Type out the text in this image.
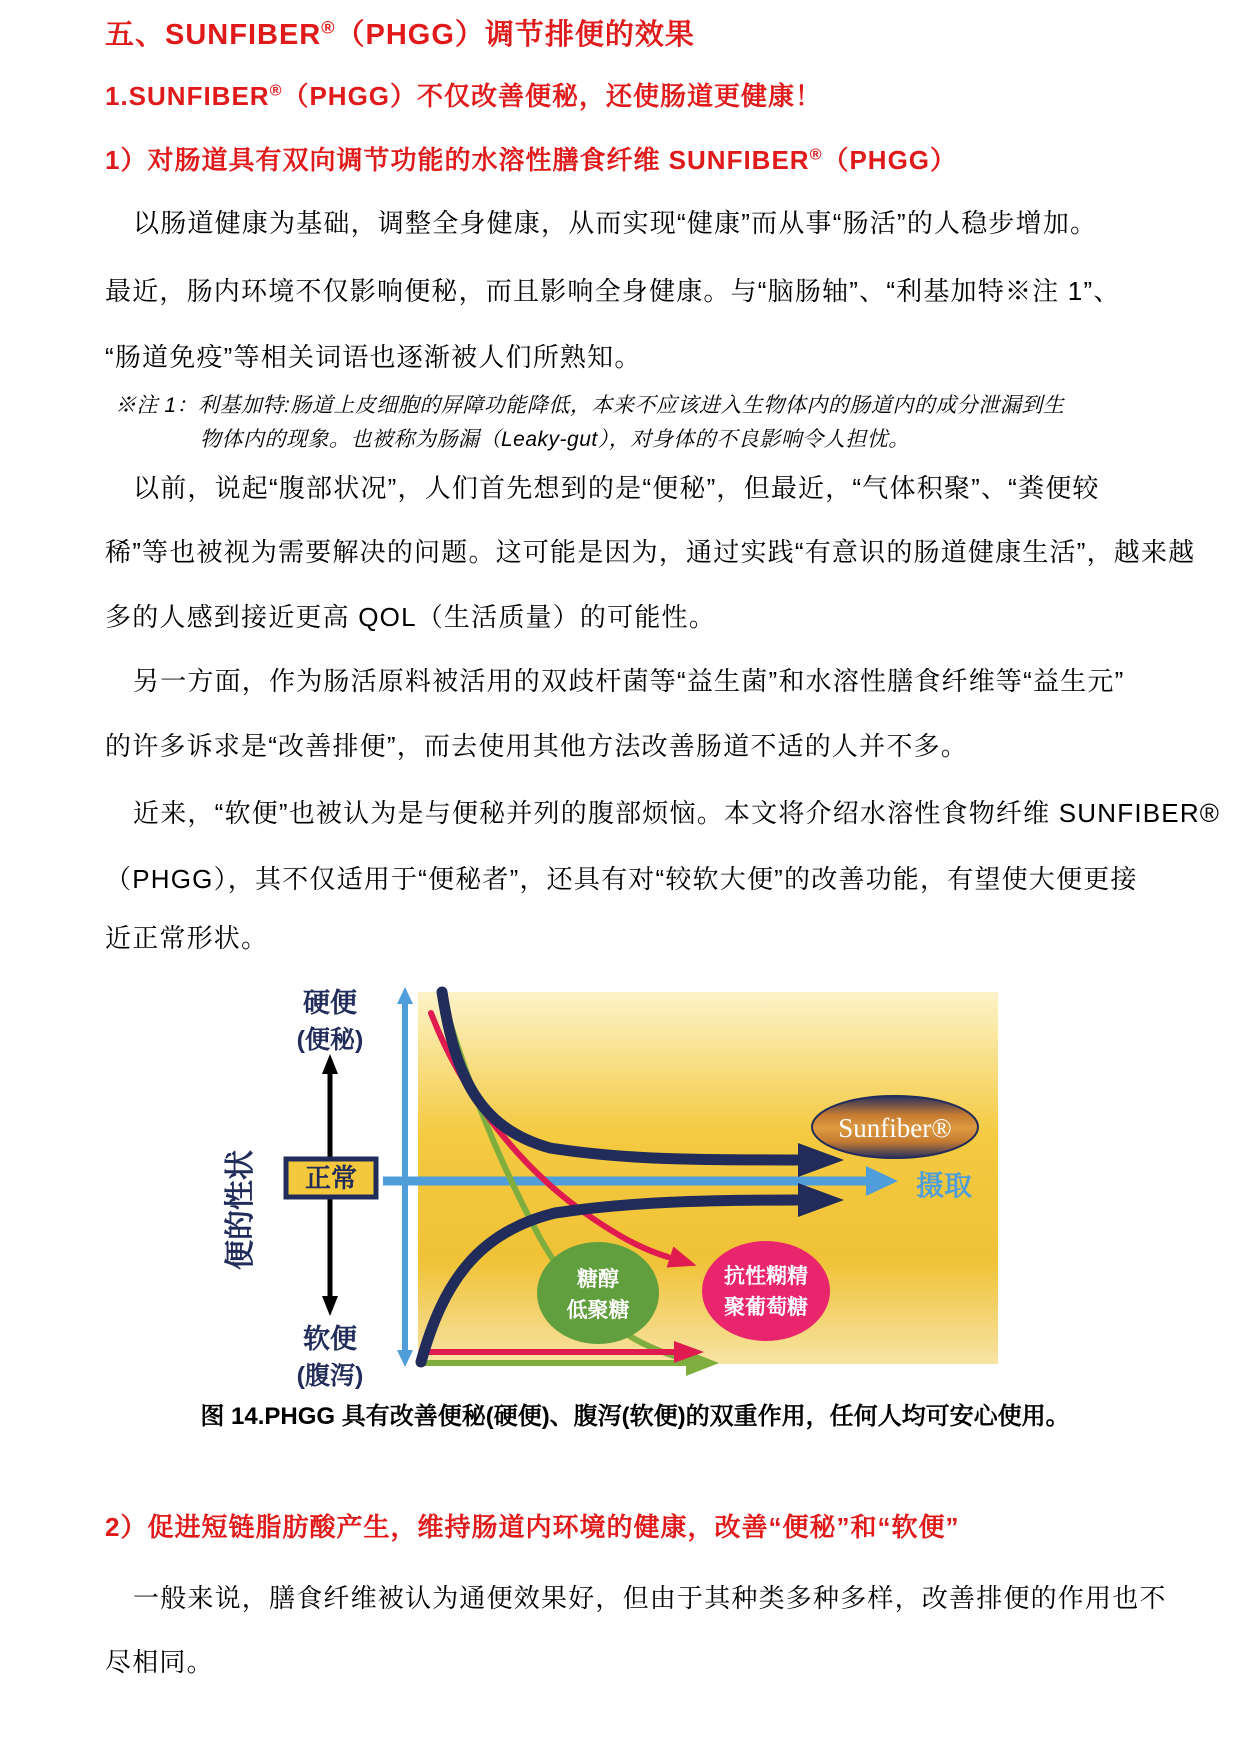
五、SUNFIBER®（PHGG）调节排便的效果
1.SUNFIBER®（PHGG）不仅改善便秘，还使肠道更健康！
1）对肠道具有双向调节功能的水溶性膳食纤维 SUNFIBER®（PHGG）
以肠道健康为基础，调整全身健康，从而实现“健康”而从事“肠活”的人稳步增加。
最近，肠内环境不仅影响便秘，而且影响全身健康。与“脑肠轴”、“利基加特※注 1”、
“肠道免疫”等相关词语也逐渐被人们所熟知。
※注 1：利基加特:肠道上皮细胞的屏障功能降低，本来不应该进入生物体内的肠道内的成分泄漏到生
物体内的现象。也被称为肠漏（Leaky-gut），对身体的不良影响令人担忧。
以前，说起“腹部状况”，人们首先想到的是“便秘”，但最近，“气体积聚”、“粪便较
稀”等也被视为需要解决的问题。这可能是因为，通过实践“有意识的肠道健康生活”，越来越
多的人感到接近更高 QOL（生活质量）的可能性。
另一方面，作为肠活原料被活用的双歧杆菌等“益生菌”和水溶性膳食纤维等“益生元”
的许多诉求是“改善排便”，而去使用其他方法改善肠道不适的人并不多。
近来，“软便”也被认为是与便秘并列的腹部烦恼。本文将介绍水溶性食物纤维 SUNFIBER®
（PHGG），其不仅适用于“便秘者”，还具有对“较软大便”的改善功能，有望使大便更接
近正常形状。
糖醇
低聚糖
抗性糊精
聚葡萄糖
Sunfiber®
摄取
硬便
(便秘)
正常
便的性状
软便
(腹泻)
图 14.PHGG 具有改善便秘(硬便)、腹泻(软便)的双重作用，任何人均可安心使用。
2）促进短链脂肪酸产生，维持肠道内环境的健康，改善“便秘”和“软便”
一般来说，膳食纤维被认为通便效果好，但由于其种类多种多样，改善排便的作用也不
尽相同。
